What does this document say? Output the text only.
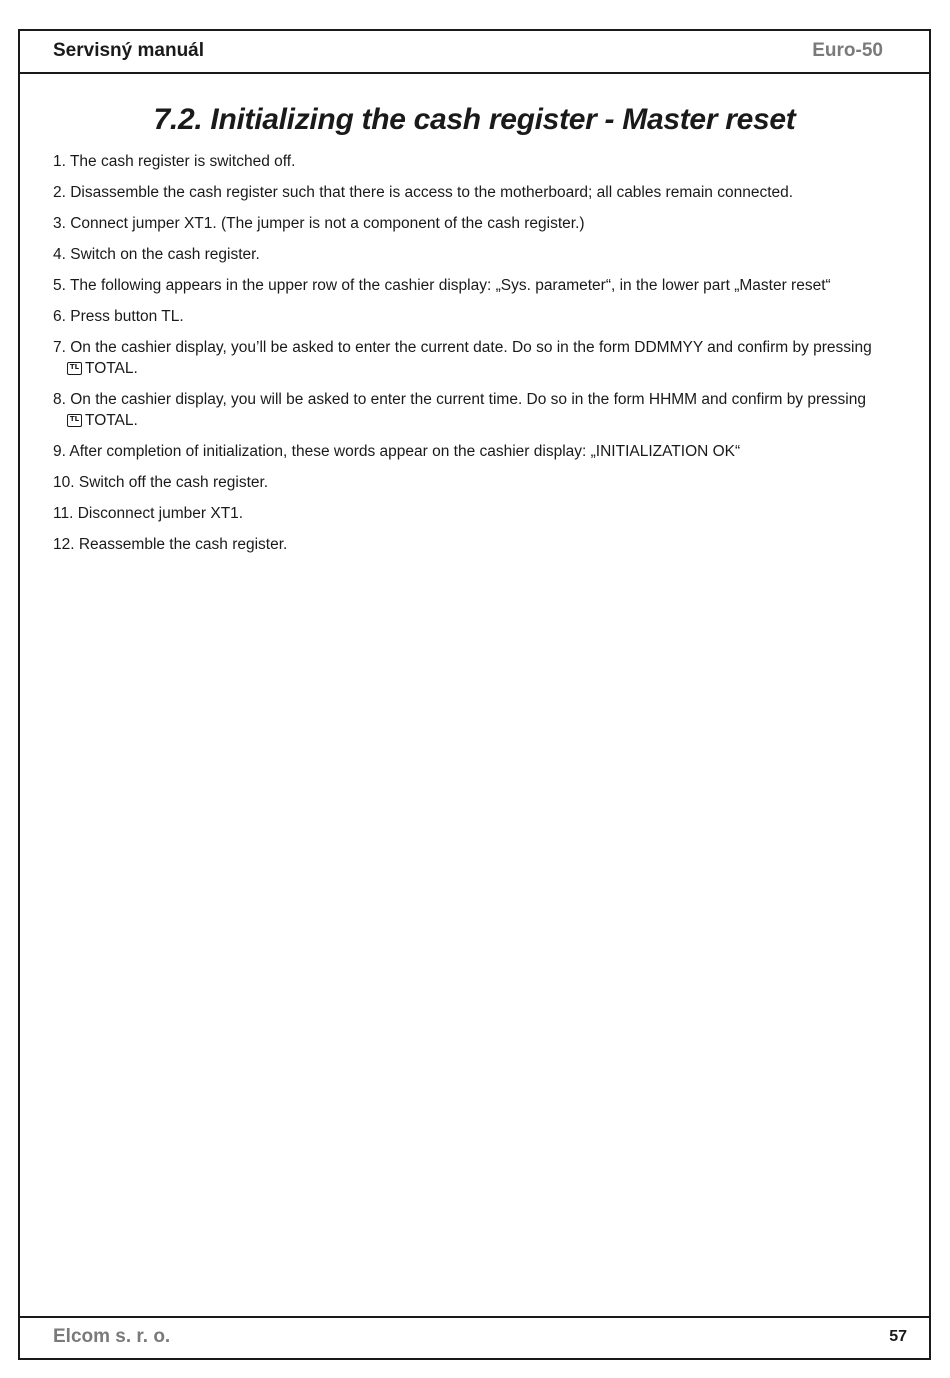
Servisný manuál	Euro-50
7.2. Initializing the cash register - Master reset
1. The cash register is switched off.
2. Disassemble the cash register such that there is access to the motherboard; all cables remain connected.
3. Connect jumper XT1. (The jumper is not a component of the cash register.)
4. Switch on the cash register.
5. The following appears in the upper row of the cashier display: „Sys. parameter“, in the lower part „Master reset“
6. Press button TL.
7. On the cashier display, you’ll be asked to enter the current date. Do so in the form DDMMYY and confirm by pressing
TL TOTAL.
8. On the cashier display, you will be asked to enter the current time. Do so in the form HHMM and confirm by pressing
TL TOTAL.
9. After completion of initialization, these words appear on the cashier display: „INITIALIZATION OK“
10. Switch off the cash register.
11. Disconnect jumber XT1.
12. Reassemble the cash register.
Elcom s. r. o.	57
